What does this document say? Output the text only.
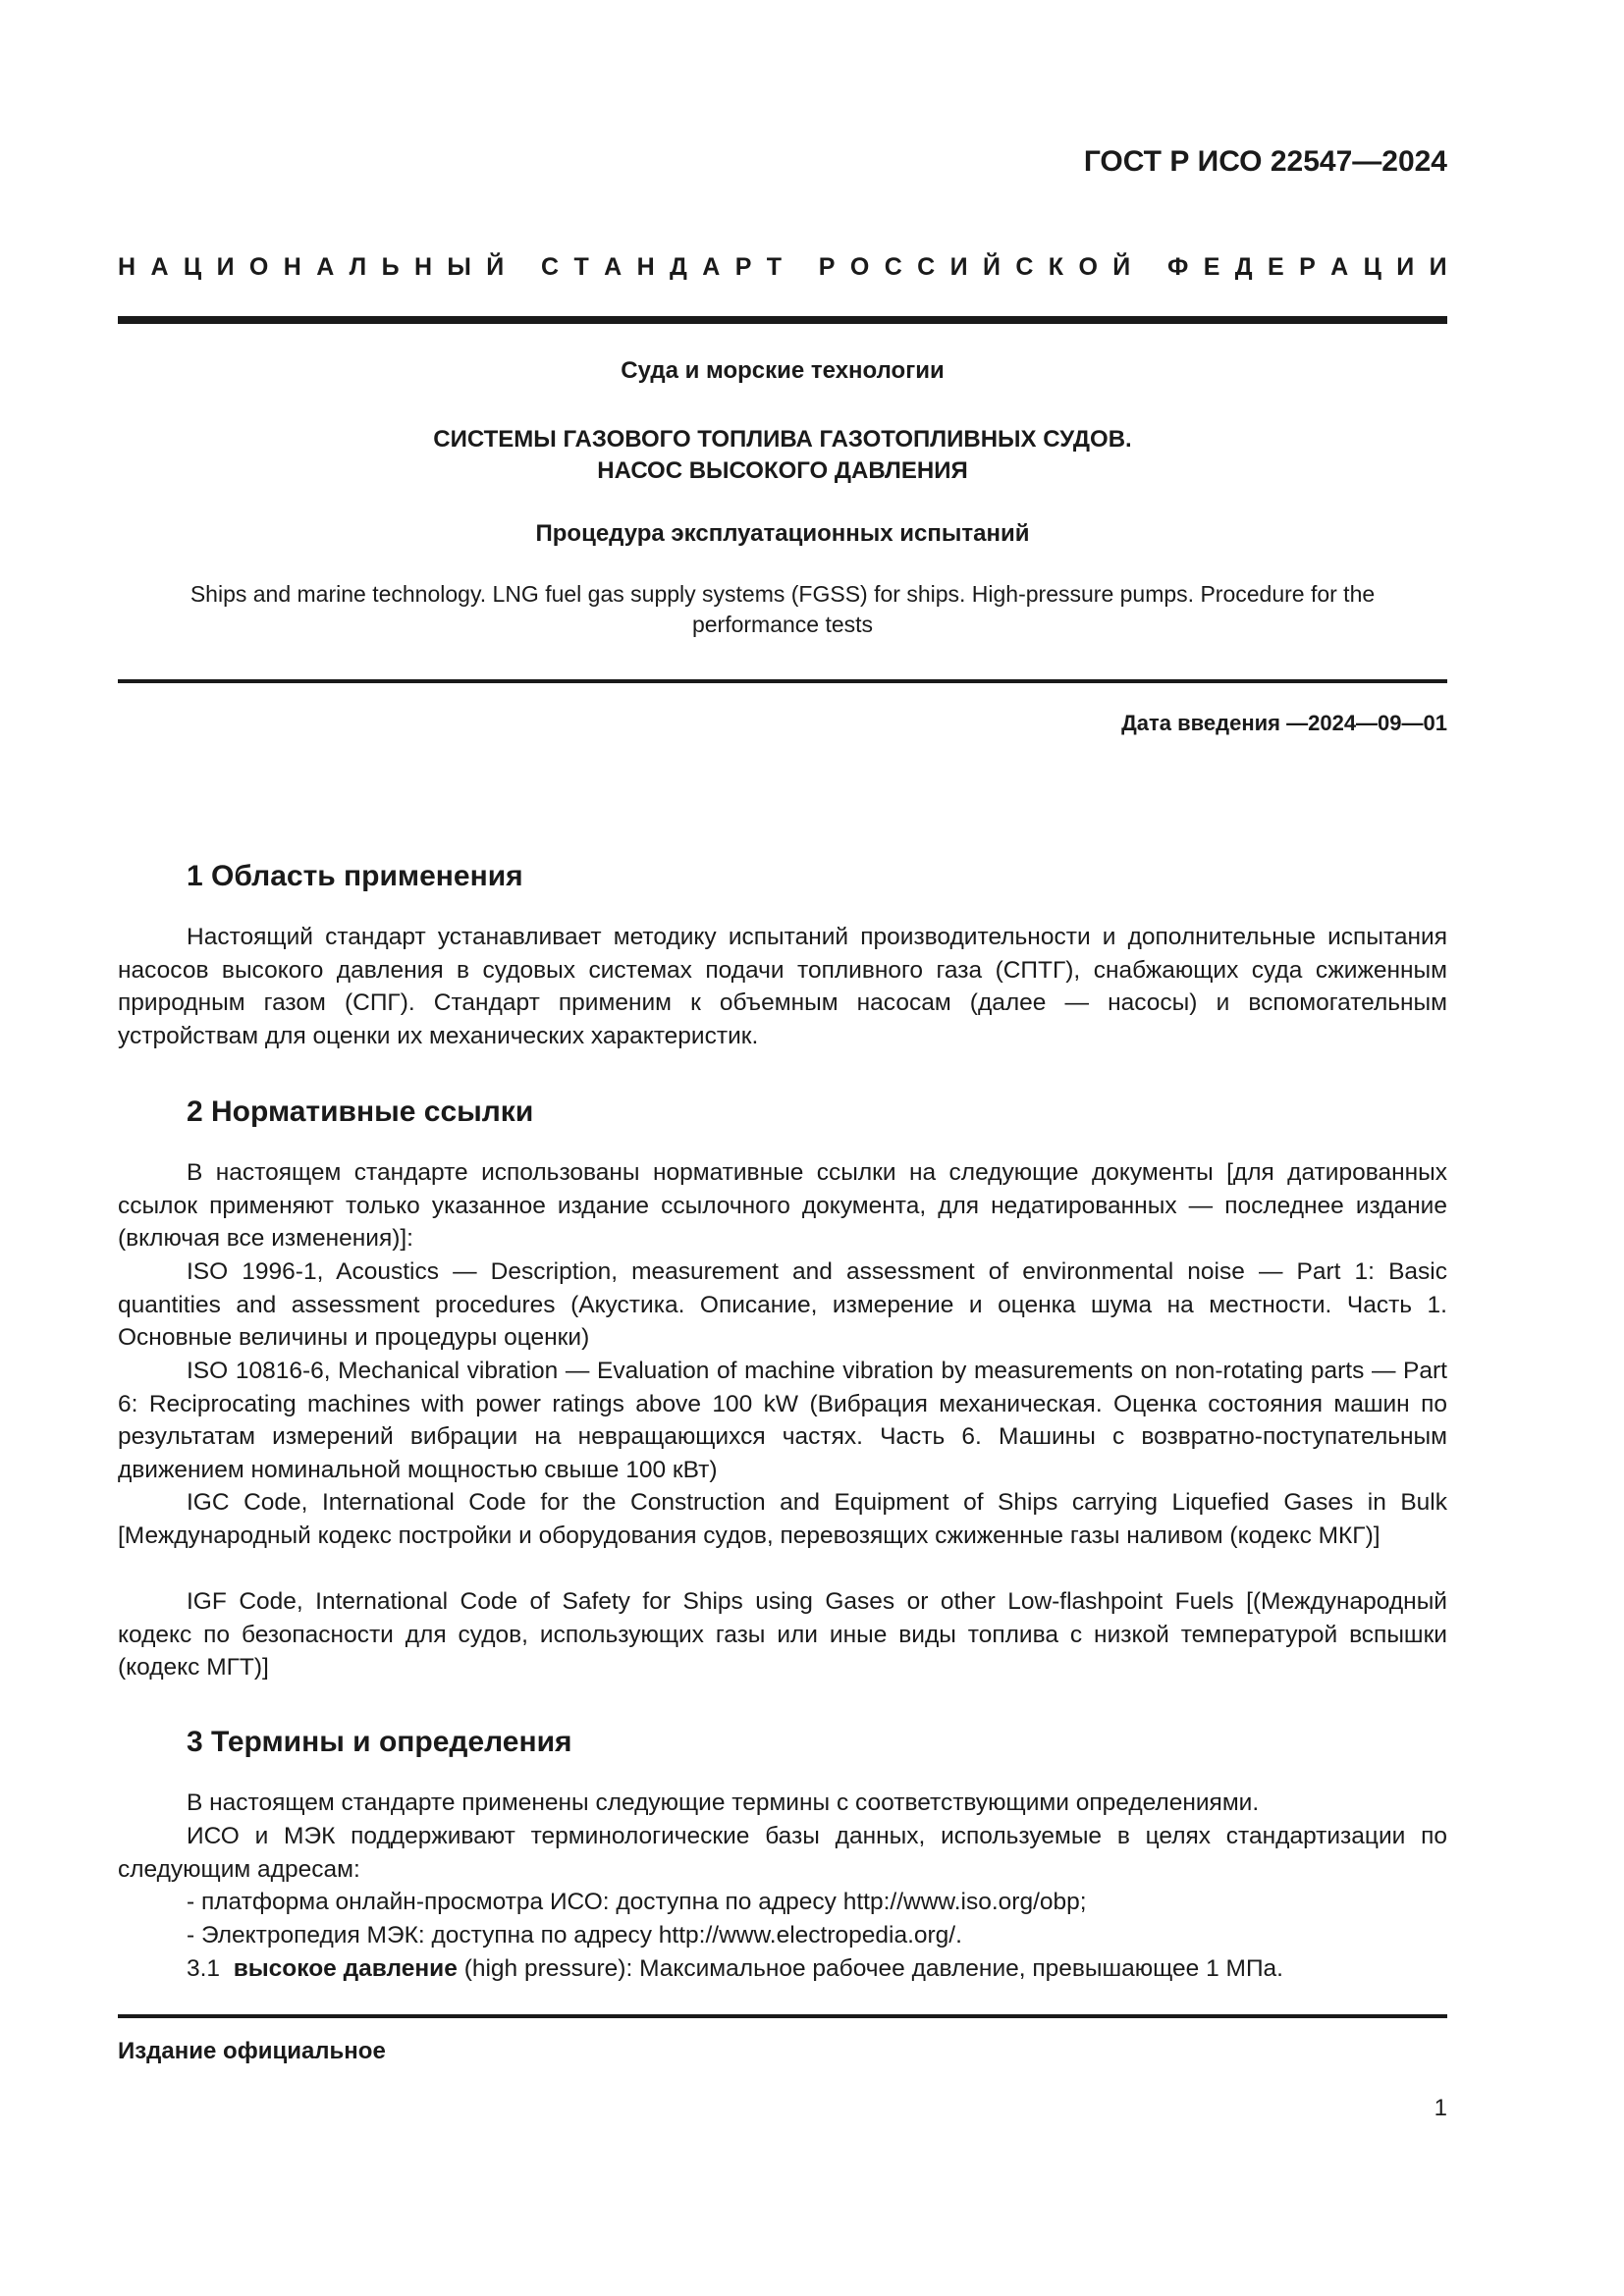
ГОСТ Р ИСО 22547—2024
Н А Ц И О Н А Л Ь Н Ы Й
С Т А Н Д А Р Т
Р О С С И Й С К О Й
Ф Е Д Е Р А Ц И И
Суда и морские технологии
СИСТЕМЫ ГАЗОВОГО ТОПЛИВА ГАЗОТОПЛИВНЫХ СУДОВ.
НАСОС ВЫСОКОГО ДАВЛЕНИЯ
Процедура эксплуатационных испытаний
Ships and marine technology. LNG fuel gas supply systems (FGSS) for ships. High-pressure pumps. Procedure for the
performance tests
Дата введения —2024—09—01
1 Область применения

Настоящий стандарт устанавливает методику испытаний производительности и дополнительные испытания насосов высокого давления в судовых системах подачи топливного газа (СПТГ), снабжающих суда сжиженным природным газом (СПГ). Стандарт применим к объемным насосам (далее — насосы) и вспомогательным устройствам для оценки их механических характеристик.

2 Нормативные ссылки

В настоящем стандарте использованы нормативные ссылки на следующие документы [для датированных ссылок применяют только указанное издание ссылочного документа, для недатированных — последнее издание (включая все изменения)]:

ISO 1996-1, Acoustics — Description, measurement and assessment of environmental noise — Part 1: Basic quantities and assessment procedures (Акустика. Описание, измерение и оценка шума на местности. Часть 1. Основные величины и процедуры оценки)

ISO 10816-6, Mechanical vibration — Evaluation of machine vibration by measurements on non-rotating parts — Part 6: Reciprocating machines with power ratings above 100 kW (Вибрация механическая. Оценка состояния машин по результатам измерений вибрации на невращающихся частях. Часть 6. Машины с возвратно-поступательным движением номинальной мощностью свыше 100 кВт)

IGC Code, International Code for the Construction and Equipment of Ships carrying Liquefied Gases in Bulk [Международный кодекс постройки и оборудования судов, перевозящих сжиженные газы наливом (кодекс МКГ)]

IGF Code, International Code of Safety for Ships using Gases or other Low-flashpoint Fuels [(Международный кодекс по безопасности для судов, использующих газы или иные виды топлива с низкой температурой вспышки (кодекс МГТ)]

3 Термины и определения

В настоящем стандарте применены следующие термины с соответствующими определениями.

ИСО и МЭК поддерживают терминологические базы данных, используемые в целях стандартизации по следующим адресам:

- платформа онлайн-просмотра ИСО: доступна по адресу http://www.iso.org/obp;

- Электропедия МЭК: доступна по адресу http://www.electropedia.org/.

3.1 высокое давление (high pressure): Максимальное рабочее давление, превышающее 1 МПа.

Издание официальное
1
